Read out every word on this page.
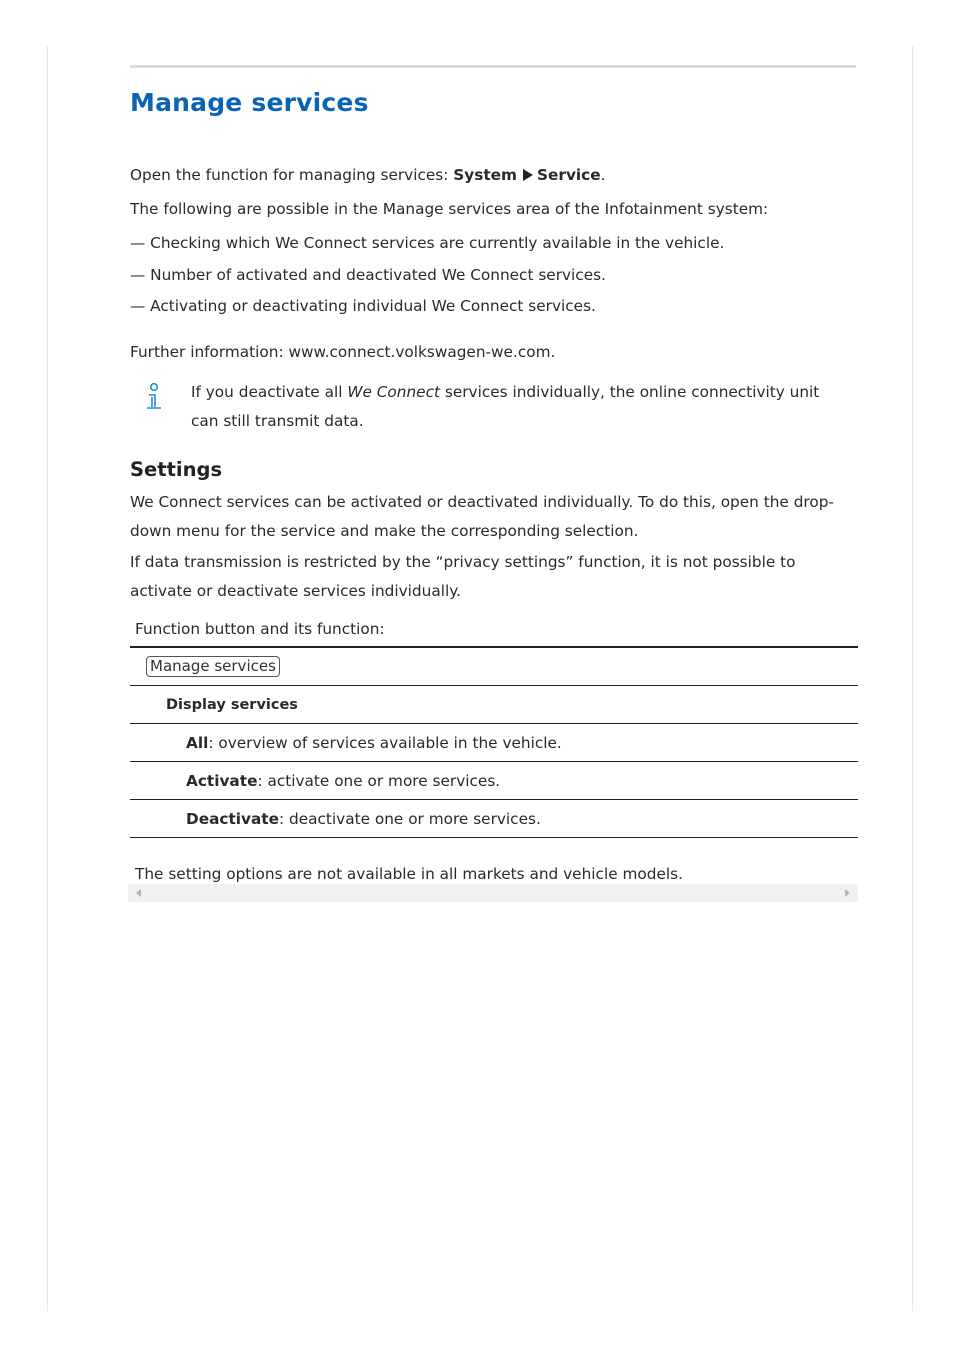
Manage services

Open the function for managing services: System Service.

The following are possible in the Manage services area of the Infotainment system:

— Checking which We Connect services are currently available in the vehicle.

— Number of activated and deactivated We Connect services.

— Activating or deactivating individual We Connect services.

Further information: www.connect.volkswagen-we.com.

If you deactivate all We Connect services individually, the online connectivity unit can still transmit data.
Settings
We Connect services can be activated or deactivated individually. To do this, open the drop-down menu for the service and make the corresponding selection.
If data transmission is restricted by the “privacy settings” function, it is not possible to activate or deactivate services individually.

Function button and its function:

Manage services
Display services
All: overview of services available in the vehicle.
Activate: activate one or more services.
Deactivate: deactivate one or more services.

The setting options are not available in all markets and vehicle models.
